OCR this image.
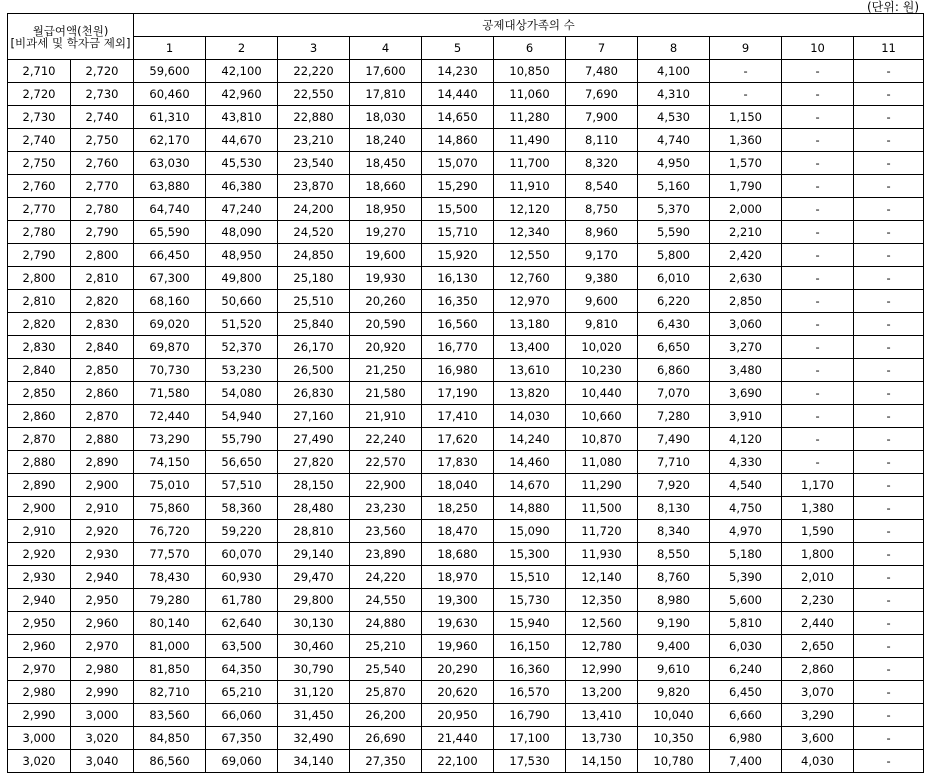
(단위: 원)
월급여액(천원)
[비과세 및 학자금 제외]		공제대상가족의 수										
		1	2	3	4	5	6	7	8	9	10	11
2,710	2,720	59,600	42,100	22,220	17,600	14,230	10,850	7,480	4,100	-	-	-
2,720	2,730	60,460	42,960	22,550	17,810	14,440	11,060	7,690	4,310	-	-	-
2,730	2,740	61,310	43,810	22,880	18,030	14,650	11,280	7,900	4,530	1,150	-	-
2,740	2,750	62,170	44,670	23,210	18,240	14,860	11,490	8,110	4,740	1,360	-	-
2,750	2,760	63,030	45,530	23,540	18,450	15,070	11,700	8,320	4,950	1,570	-	-
2,760	2,770	63,880	46,380	23,870	18,660	15,290	11,910	8,540	5,160	1,790	-	-
2,770	2,780	64,740	47,240	24,200	18,950	15,500	12,120	8,750	5,370	2,000	-	-
2,780	2,790	65,590	48,090	24,520	19,270	15,710	12,340	8,960	5,590	2,210	-	-
2,790	2,800	66,450	48,950	24,850	19,600	15,920	12,550	9,170	5,800	2,420	-	-
2,800	2,810	67,300	49,800	25,180	19,930	16,130	12,760	9,380	6,010	2,630	-	-
2,810	2,820	68,160	50,660	25,510	20,260	16,350	12,970	9,600	6,220	2,850	-	-
2,820	2,830	69,020	51,520	25,840	20,590	16,560	13,180	9,810	6,430	3,060	-	-
2,830	2,840	69,870	52,370	26,170	20,920	16,770	13,400	10,020	6,650	3,270	-	-
2,840	2,850	70,730	53,230	26,500	21,250	16,980	13,610	10,230	6,860	3,480	-	-
2,850	2,860	71,580	54,080	26,830	21,580	17,190	13,820	10,440	7,070	3,690	-	-
2,860	2,870	72,440	54,940	27,160	21,910	17,410	14,030	10,660	7,280	3,910	-	-
2,870	2,880	73,290	55,790	27,490	22,240	17,620	14,240	10,870	7,490	4,120	-	-
2,880	2,890	74,150	56,650	27,820	22,570	17,830	14,460	11,080	7,710	4,330	-	-
2,890	2,900	75,010	57,510	28,150	22,900	18,040	14,670	11,290	7,920	4,540	1,170	-
2,900	2,910	75,860	58,360	28,480	23,230	18,250	14,880	11,500	8,130	4,750	1,380	-
2,910	2,920	76,720	59,220	28,810	23,560	18,470	15,090	11,720	8,340	4,970	1,590	-
2,920	2,930	77,570	60,070	29,140	23,890	18,680	15,300	11,930	8,550	5,180	1,800	-
2,930	2,940	78,430	60,930	29,470	24,220	18,970	15,510	12,140	8,760	5,390	2,010	-
2,940	2,950	79,280	61,780	29,800	24,550	19,300	15,730	12,350	8,980	5,600	2,230	-
2,950	2,960	80,140	62,640	30,130	24,880	19,630	15,940	12,560	9,190	5,810	2,440	-
2,960	2,970	81,000	63,500	30,460	25,210	19,960	16,150	12,780	9,400	6,030	2,650	-
2,970	2,980	81,850	64,350	30,790	25,540	20,290	16,360	12,990	9,610	6,240	2,860	-
2,980	2,990	82,710	65,210	31,120	25,870	20,620	16,570	13,200	9,820	6,450	3,070	-
2,990	3,000	83,560	66,060	31,450	26,200	20,950	16,790	13,410	10,040	6,660	3,290	-
3,000	3,020	84,850	67,350	32,490	26,690	21,440	17,100	13,730	10,350	6,980	3,600	-
3,020	3,040	86,560	69,060	34,140	27,350	22,100	17,530	14,150	10,780	7,400	4,030	-
